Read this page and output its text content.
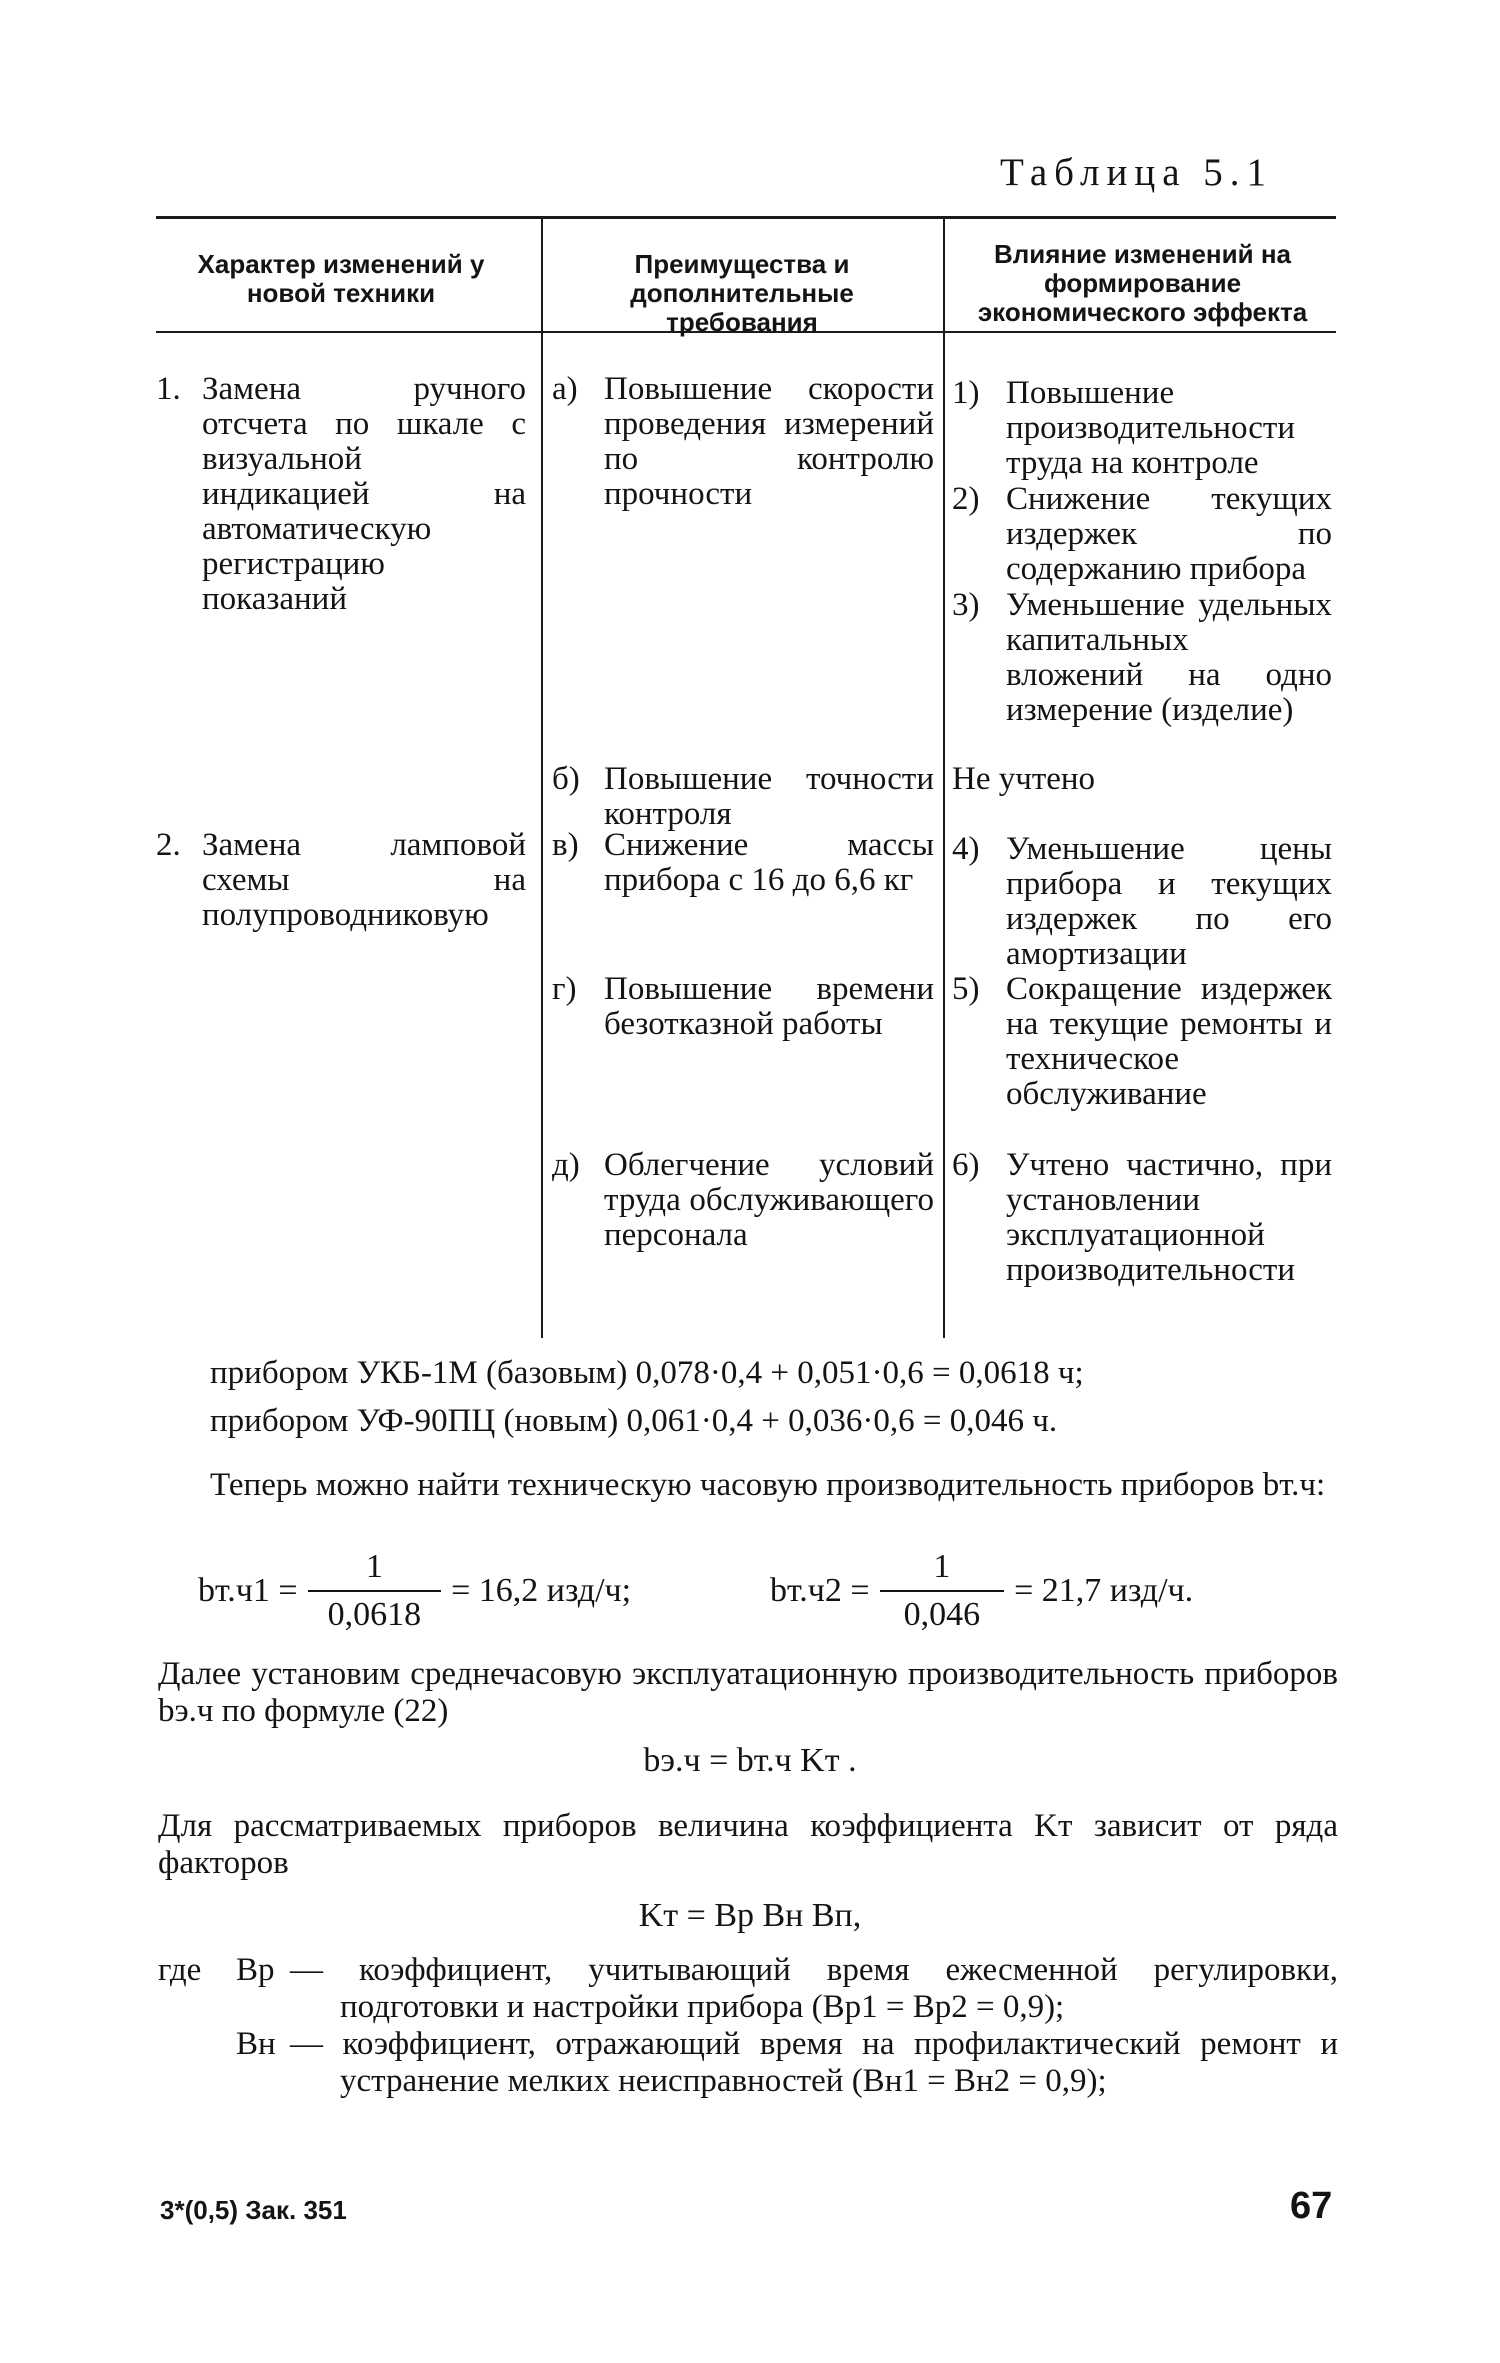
Таблица 5.1
Характер изменений у новой техники
Преимущества и дополнительные требования
Влияние изменений на формирование экономического эффекта
1. Замена ручного отсчета по шкале с визуальной индикацией на автоматическую регистрацию показаний
2. Замена ламповой схемы на полупроводниковую
а) Повышение скорости проведения измерений по контролю прочности
б) Повышение точности контроля
в) Снижение массы прибора с 16 до 6,6 кг
г) Повышение времени безотказной работы
д) Облегчение условий труда обслуживающего персонала
1) Повышение производительности труда на контроле
2) Снижение текущих издержек по содержанию прибора
3) Уменьшение удельных капитальных вложений на одно измерение (изделие)
Не учтено
4) Уменьшение цены прибора и текущих издержек по его амортизации
5) Сокращение издержек на текущие ремонты и техническое обслуживание
6) Учтено частично, при установлении эксплуатационной производительности
прибором УКБ-1М (базовым) 0,078·0,4 + 0,051·0,6 = 0,0618 ч;
прибором УФ-90ПЦ (новым) 0,061·0,4 + 0,036·0,6 = 0,046 ч.
Теперь можно найти техническую часовую производительность приборов bт.ч:
$bт.ч1 = \frac{1}{0,0618} = 16,2$ изд/ч;	$bт.ч2 = \frac{1}{0,046} = 21,7$ изд/ч.
Далее установим среднечасовую эксплуатационную производительность приборов bэ.ч по формуле (22)
bэ.ч = bт.ч Kт .
Для рассматриваемых приборов величина коэффициента Kт зависит от ряда факторов
Kт = Вр Вн Вп,
где Вр — коэффициент, учитывающий время ежесменной регулировки, подготовки и настройки прибора (Вр1 = Вр2 = 0,9);
Вн — коэффициент, отражающий время на профилактический ремонт и устранение мелких неисправностей (Вн1 = Вн2 = 0,9);
3*(0,5) Зак. 351	67
